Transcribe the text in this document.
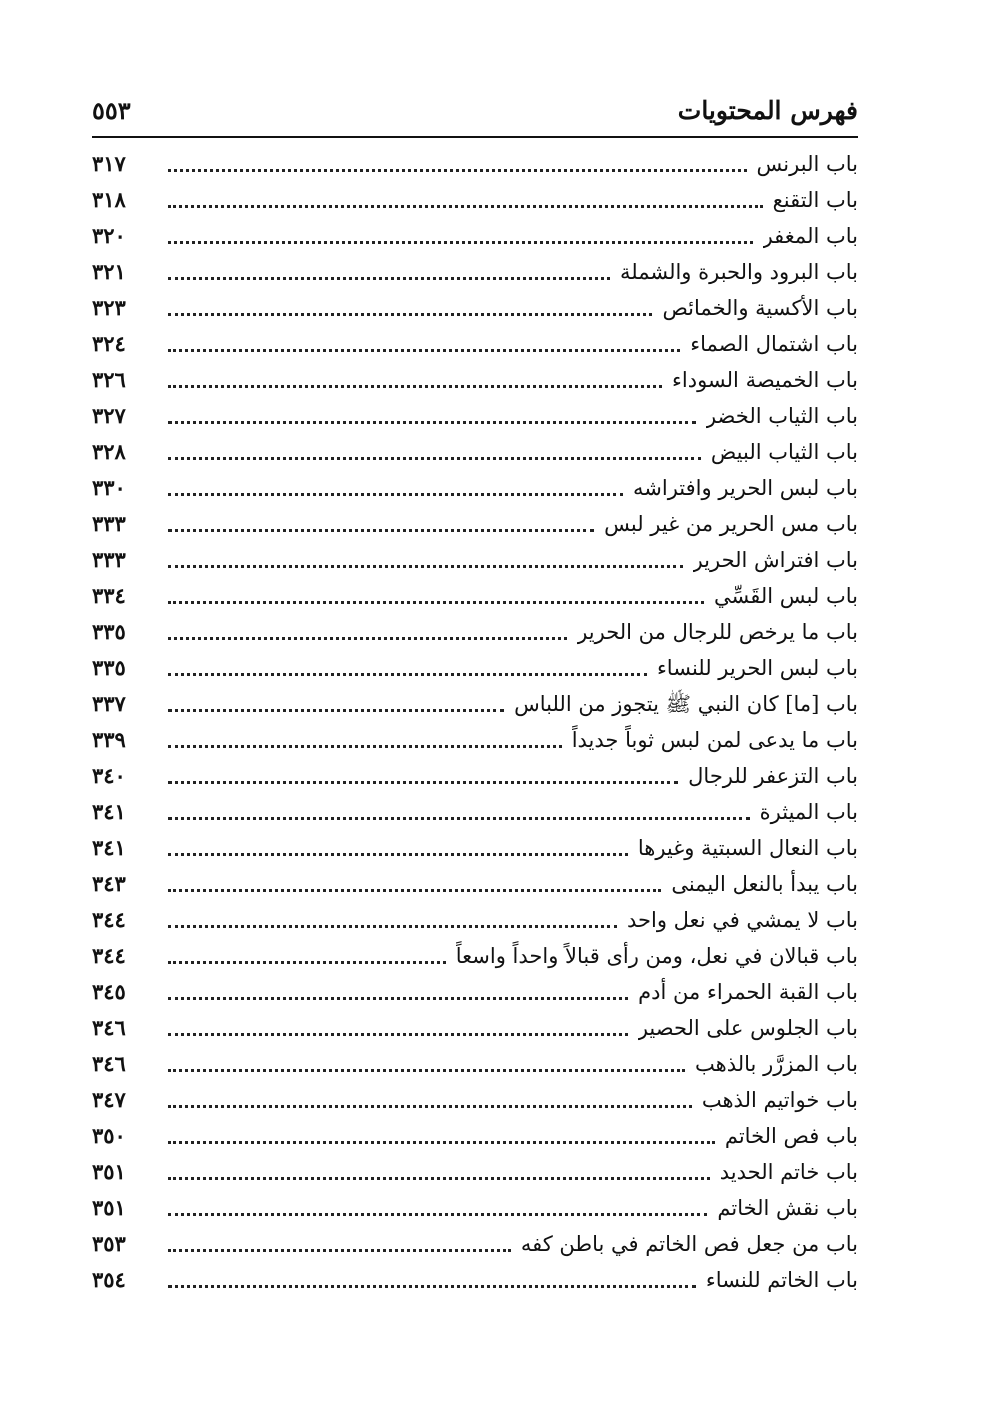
فهرس المحتويات
٥٥٣
باب البرنس
٣١٧
باب التقنع
٣١٨
باب المغفر
٣٢٠
باب البرود والحبرة والشملة
٣٢١
باب الأكسية والخمائص
٣٢٣
باب اشتمال الصماء
٣٢٤
باب الخميصة السوداء
٣٢٦
باب الثياب الخضر
٣٢٧
باب الثياب البيض
٣٢٨
باب لبس الحرير وافتراشه
٣٣٠
باب مس الحرير من غير لبس
٣٣٣
باب افتراش الحرير
٣٣٣
باب لبس القَسِّي
٣٣٤
باب ما يرخص للرجال من الحرير
٣٣٥
باب لبس الحرير للنساء
٣٣٥
باب [ما] كان النبي ﷺ يتجوز من اللباس
٣٣٧
باب ما يدعى لمن لبس ثوباً جديداً
٣٣٩
باب التزعفر للرجال
٣٤٠
باب الميثرة
٣٤١
باب النعال السبتية وغيرها
٣٤١
باب يبدأ بالنعل اليمنى
٣٤٣
باب لا يمشي في نعل واحد
٣٤٤
باب قبالان في نعل، ومن رأى قبالاً واحداً واسعاً
٣٤٤
باب القبة الحمراء من أدم
٣٤٥
باب الجلوس على الحصير
٣٤٦
باب المزرَّر بالذهب
٣٤٦
باب خواتيم الذهب
٣٤٧
باب فص الخاتم
٣٥٠
باب خاتم الحديد
٣٥١
باب نقش الخاتم
٣٥١
باب من جعل فص الخاتم في باطن كفه
٣٥٣
باب الخاتم للنساء
٣٥٤
